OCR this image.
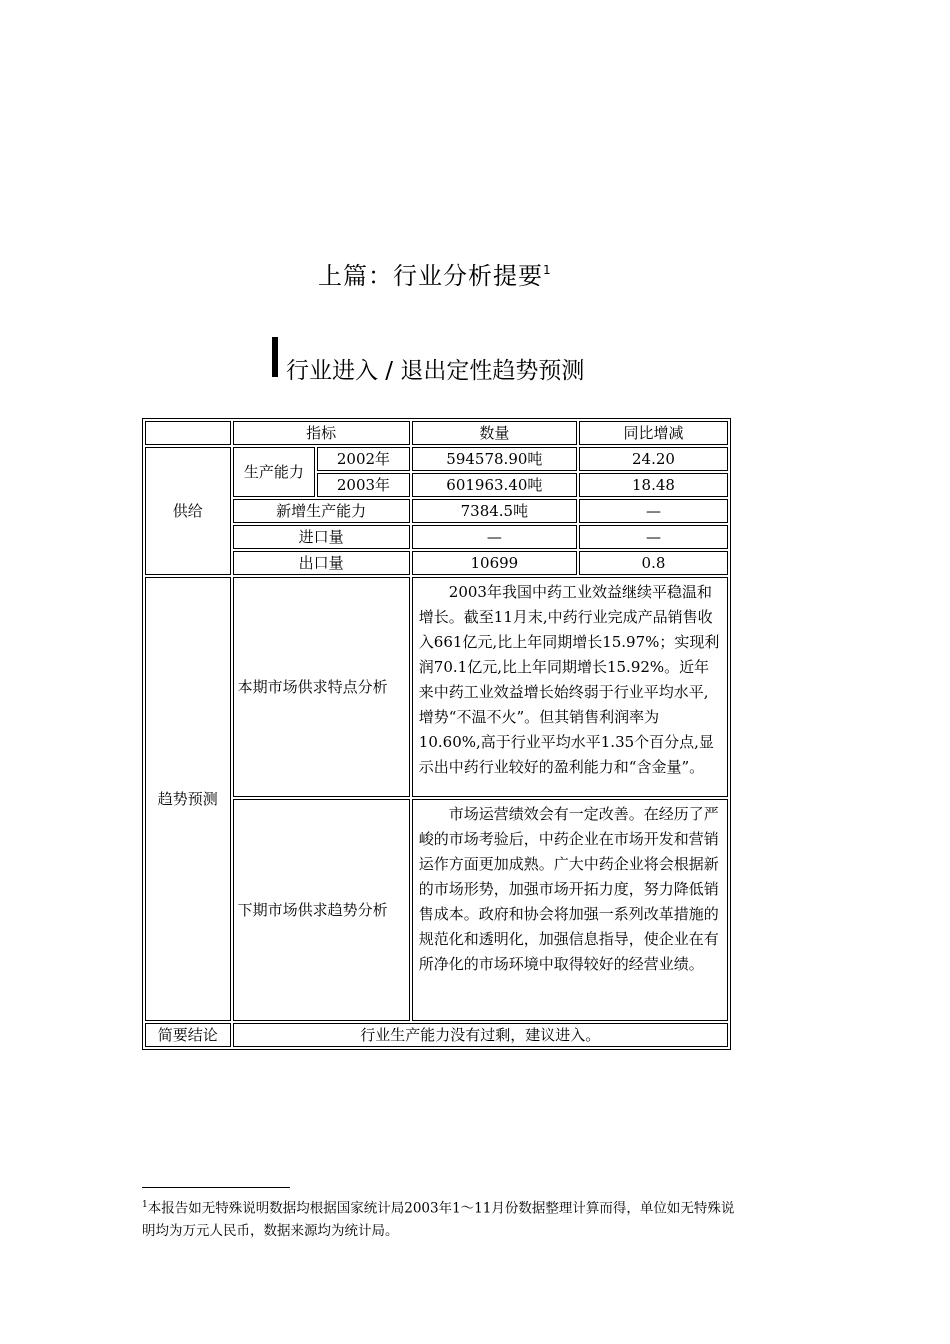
上篇：行业分析提要$^1$
行业进入 / 退出定性趋势预测
	指标		数量	同比增减
供给	生产能力	2002年	594578.90吨	24.20
		2003年	601963.40吨	18.48
	新增生产能力		7384.5吨	—
	进口量		—	—
	出口量		10699	0.8
趋势预测	本期市场供求特点分析		2003年我国中药工业效益继续平稳温和增长。截至11月末,中药行业完成产品销售收入661亿元,比上年同期增长15.97%；实现利润70.1亿元,比上年同期增长15.92%。近年来中药工业效益增长始终弱于行业平均水平,增势“不温不火”。但其销售利润率为10.60%,高于行业平均水平1.35个百分点,显示出中药行业较好的盈利能力和“含金量”。	
	下期市场供求趋势分析		市场运营绩效会有一定改善。在经历了严峻的市场考验后，中药企业在市场开发和营销运作方面更加成熟。广大中药企业将会根据新的市场形势，加强市场开拓力度，努力降低销售成本。政府和协会将加强一系列改革措施的规范化和透明化，加强信息指导，使企业在有所净化的市场环境中取得较好的经营业绩。	
简要结论	行业生产能力没有过剩，建议进入。			
$^1$本报告如无特殊说明数据均根据国家统计局2003年1～11月份数据整理计算而得，单位如无特殊说明均为万元人民币，数据来源均为统计局。
